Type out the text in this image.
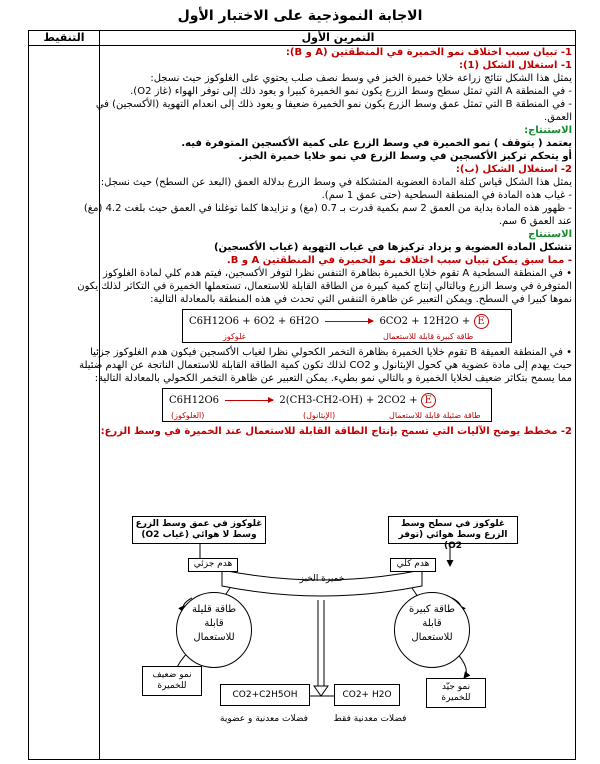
الاجابة النموذجية على الاختبار الأول
التنقيط	التمرين الأول

1- تبيان سبب اختلاف نمو الخميرة في المنطقتين (A و B):

1- استغلال الشكل (1):

يمثل هذا الشكل نتائج زراعة خلايا خميرة الخبز في وسط نصف صلب يحتوي على الغلوكوز حيث نسجل:

- في المنطقة A التي تمثل سطح وسط الزرع يكون نمو الخميرة كبيرا و يعود ذلك إلى توفر الهواء (غاز O2).

- في المنطقة B التي تمثل عمق وسط الزرع يكون نمو الخميرة ضعيفا و يعود ذلك إلى انعدام التهوية (الأكسجين) في العمق.

الاستنتاج:

يعتمد ( يتوقف ) نمو الخميرة في وسط الزرع على كمية الأكسجين المتوفرة فيه.

أو يتحكم تركيز الأكسجين في وسط الزرع في نمو خلايا خميرة الخبز.

2- استغلال الشكل (ب):

يمثل هذا الشكل قياس كتلة المادة العضوية المتشكلة في وسط الزرع بدلالة العمق (البعد عن السطح) حيث نسجل:

- غياب هذه المادة في المنطقة السطحية (حتى عمق 1 سم).

- ظهور هذه المادة بداية من العمق 2 سم بكمية قدرت بـ 0.7 (مغ) و تزايدها كلما توغلنا في العمق حيث بلغت 4.2 (مغ) عند العمق 6 سم.

الاستنتاج

تتشكل المادة العضوية و يزداد تركيزها في غياب التهوية (غياب الأكسجين)

- مما سبق يمكن تبيان سبب اختلاف نمو الخميرة في المنطقتين A و B.

• في المنطقة السطحية A تقوم خلايا الخميرة بظاهرة التنفس نظرا لتوفر الأكسجين، فيتم هدم كلي لمادة الغلوكوز المتوفرة في وسط الزرع وبالتالي إنتاج كمية كبيرة من الطاقة القابلة للاستعمال، تستعملها الخميرة في التكاثر لذلك يكون نموها كبيرا في السطح. ويمكن التعبير عن ظاهرة التنفس التي تحدث في هذه المنطقة بالمعادلة التالية:

C6H12O6 + 6O2 + 6H2O	6CO2 + 12H2O + E
غلوكوز	طاقة كبيرة قابلة للاستعمال

• في المنطقة العميقة B تقوم خلايا الخميرة بظاهرة التخمر الكحولي نظرا لغياب الأكسجين فيكون هدم الغلوكوز جزئيا حيث يهدم إلى مادة عضوية هي كحول الإيثانول و CO2 لذلك تكون كمية الطاقة القابلة للاستعمال الناتجة عن الهدم ضئيلة مما يسمح بتكاثر ضعيف لخلايا الخميرة و بالتالي نمو بطيء. يمكن التعبير عن ظاهرة التخمر الكحولي بالمعادلة التالية:

C6H12O6	2(CH3-CH2-OH) + 2CO2 + E
(الغلوكوز)	(الإيثانول)	طاقة ضئيلة قابلة للاستعمال

2- مخطط يوضح الآليات التي تسمح بإنتاج الطاقة القابلة للاستعمال عند الخميرة في وسط الزرع:

غلوكوز في سطح وسط الزرع وسط هوائي (توفر O2)
غلوكوز في عمق وسط الزرع وسط لا هوائي (غياب O2)
خميرة الخبز
هدم كلي
هدم جزئي
طاقة كبيرة قابلة للاستعمال
طاقة قليلة قابلة للاستعمال
CO2+ H2O
CO2+C2H5OH
فضلات معدنية فقط
فضلات معدنية و عضوية
نمو جيّد للخميرة
نمو ضعيف للخميرة
